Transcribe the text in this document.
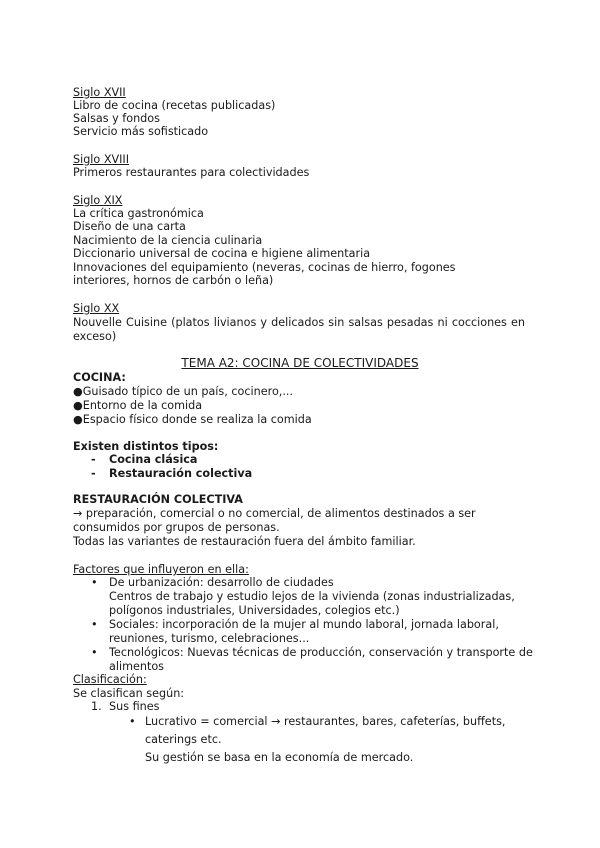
Siglo XVII
Libro de cocina (recetas publicadas)
Salsas y fondos
Servicio más sofisticado
Siglo XVIII
Primeros restaurantes para colectividades
Siglo XIX
La crítica gastronómica
Diseño de una carta
Nacimiento de la ciencia culinaria
Diccionario universal de cocina e higiene alimentaria
Innovaciones del equipamiento (neveras, cocinas de hierro, fogones
interiores, hornos de carbón o leña)
Siglo XX
Nouvelle Cuisine (platos livianos y delicados sin salsas pesadas ni cocciones en exceso)
TEMA A2: COCINA DE COLECTIVIDADES
COCINA:
●Guisado típico de un país, cocinero,...
●Entorno de la comida
●Espacio físico donde se realiza la comida
Existen distintos tipos:
- Cocina clásica
- Restauración colectiva
RESTAURACIÓN COLECTIVA
→ preparación, comercial o no comercial, de alimentos destinados a ser
consumidos por grupos de personas.
Todas las variantes de restauración fuera del ámbito familiar.
Factores que influyeron en ella:
• De urbanización: desarrollo de ciudades
Centros de trabajo y estudio lejos de la vivienda (zonas industrializadas,
polígonos industriales, Universidades, colegios etc.)
• Sociales: incorporación de la mujer al mundo laboral, jornada laboral,
reuniones, turismo, celebraciones...
• Tecnológicos: Nuevas técnicas de producción, conservación y transporte de
alimentos
Clasificación:
Se clasifican según:
1. Sus fines
• Lucrativo = comercial → restaurantes, bares, cafeterías, buffets,
caterings etc.
Su gestión se basa en la economía de mercado.
